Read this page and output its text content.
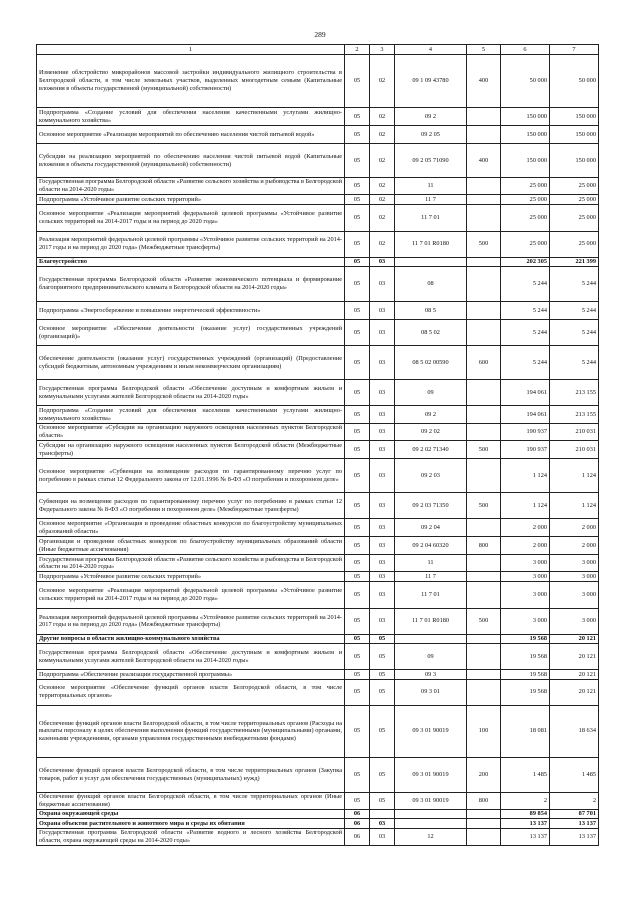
289
1	2	3	4	5	6	7
Изменение облстройство микрорайонов массовой застройки индивидуального жилищного строительства в Белгородской области, в том числе земельных участков, выделенных многодетным семьям (Капитальные вложения в объекты государственной (муниципальной) собственности)	05	02	09 1 09 43780	400	50 000	50 000
Подпрограмма «Создание условий для обеспечения населения качественными услугами жилищно-коммунального хозяйства»	05	02	09 2		150 000	150 000
Основное мероприятие «Реализация мероприятий по обеспечению населения чистой питьевой водой»	05	02	09 2 05		150 000	150 000
Субсидии на реализацию мероприятий по обеспечению населения чистой питьевой водой (Капитальные вложения в объекты государственной (муниципальной) собственности)	05	02	09 2 05 71090	400	150 000	150 000
Государственная программа Белгородской области «Развитие сельского хозяйства и рыбоводства в Белгородской области на 2014-2020 годы»	05	02	11		25 000	25 000
Подпрограмма «Устойчивое развитие сельских территорий»	05	02	11 7		25 000	25 000
Основное мероприятие «Реализация мероприятий федеральной целевой программы «Устойчивое развитие сельских территорий на 2014-2017 годы и на период до 2020 года»	05	02	11 7 01		25 000	25 000
Реализация мероприятий федеральной целевой программы «Устойчивое развитие сельских территорий на 2014-2017 годы и на период до 2020 года» (Межбюджетные трансферты)	05	02	11 7 01 R0180	500	25 000	25 000
Благоустройство	05	03			202 305	221 399
Государственная программа Белгородской области «Развитие экономического потенциала и формирование благоприятного предпринимательского климата в Белгородской области на 2014-2020 годы»	05	03	08		5 244	5 244
Подпрограмма «Энергосбережение и повышение энергетической эффективности»	05	03	08 5		5 244	5 244
Основное мероприятие «Обеспечение деятельности (оказание услуг) государственных учреждений (организаций)»	05	03	08 5 02		5 244	5 244
Обеспечение деятельности (оказание услуг) государственных учреждений (организаций) (Предоставление субсидий бюджетным, автономным учреждениям и иным некоммерческим организациям)	05	03	08 5 02 00590	600	5 244	5 244
Государственная программа Белгородской области «Обеспечение доступным и комфортным жильем и коммунальными услугами жителей Белгородской области на 2014-2020 годы»	05	03	09		194 061	213 155
Подпрограмма «Создание условий для обеспечения населения качественными услугами жилищно-коммунального хозяйства»	05	03	09 2		194 061	213 155
Основное мероприятие «Субсидии на организацию наружного освещения населенных пунктов Белгородской области»	05	03	09 2 02		190 937	210 031
Субсидии на организацию наружного освещения населенных пунктов Белгородской области (Межбюджетные трансферты)	05	03	09 2 02 71340	500	190 937	210 031
Основное мероприятие «Субвенции на возмещение расходов по гарантированному перечню услуг по погребению в рамках статьи 12 Федерального закона от 12.01.1996 № 8-ФЗ «О погребении и похоронном деле»	05	03	09 2 03		1 124	1 124
Субвенция на возмещение расходов по гарантированному перечню услуг по погребению в рамках статьи 12 Федерального закона № 8-ФЗ «О погребении и похоронном деле» (Межбюджетные трансферты)	05	03	09 2 03 71350	500	1 124	1 124
Основное мероприятие «Организация и проведение областных конкурсов по благоустройству муниципальных образований области»	05	03	09 2 04		2 000	2 000
Организация и проведение областных конкурсов по благоустройству муниципальных образований области (Иные бюджетные ассигнования)	05	03	09 2 04 60320	800	2 000	2 000
Государственная программа Белгородской области «Развитие сельского хозяйства и рыбоводства в Белгородской области на 2014-2020 годы»	05	03	11		3 000	3 000
Подпрограмма «Устойчивое развитие сельских территорий»	05	03	11 7		3 000	3 000
Основное мероприятие «Реализация мероприятий федеральной целевой программы «Устойчивое развитие сельских территорий на 2014-2017 годы и на период до 2020 года»	05	03	11 7 01		3 000	3 000
Реализация мероприятий федеральной целевой программы «Устойчивое развитие сельских территорий на 2014-2017 годы и на период до 2020 года» (Межбюджетные трансферты)	05	03	11 7 01 R0180	500	3 000	3 000
Другие вопросы в области жилищно-коммунального хозяйства	05	05			19 568	20 121
Государственная программа Белгородской области «Обеспечение доступным и комфортным жильем и коммунальными услугами жителей Белгородской области на 2014-2020 годы»	05	05	09		19 568	20 121
Подпрограмма «Обеспечение реализации государственной программы»	05	05	09 3		19 568	20 121
Основное мероприятие «Обеспечение функций органов власти Белгородской области, в том числе территориальных органов»	05	05	09 3 01		19 568	20 121
Обеспечение функций органов власти Белгородской области, в том числе территориальных органов (Расходы на выплаты персоналу в целях обеспечения выполнения функций государственными (муниципальными) органами, казенными учреждениями, органами управления государственными внебюджетными фондами)	05	05	09 3 01 90019	100	18 081	18 634
Обеспечение функций органов власти Белгородской области, в том числе территориальных органов (Закупка товаров, работ и услуг для обеспечения государственных (муниципальных) нужд)	05	05	09 3 01 90019	200	1 485	1 485
Обеспечение функций органов власти Белгородской области, в том числе территориальных органов (Иные бюджетные ассигнования)	05	05	09 3 01 90019	800	2	2
Охрана окружающей среды	06				89 854	87 701
Охрана объектов растительного и животного мира и среды их обитания	06	03			13 137	13 137
Государственная программа Белгородской области «Развитие водного и лесного хозяйства Белгородской области, охрана окружающей среды на 2014-2020 годы»	06	03	12		13 137	13 137
